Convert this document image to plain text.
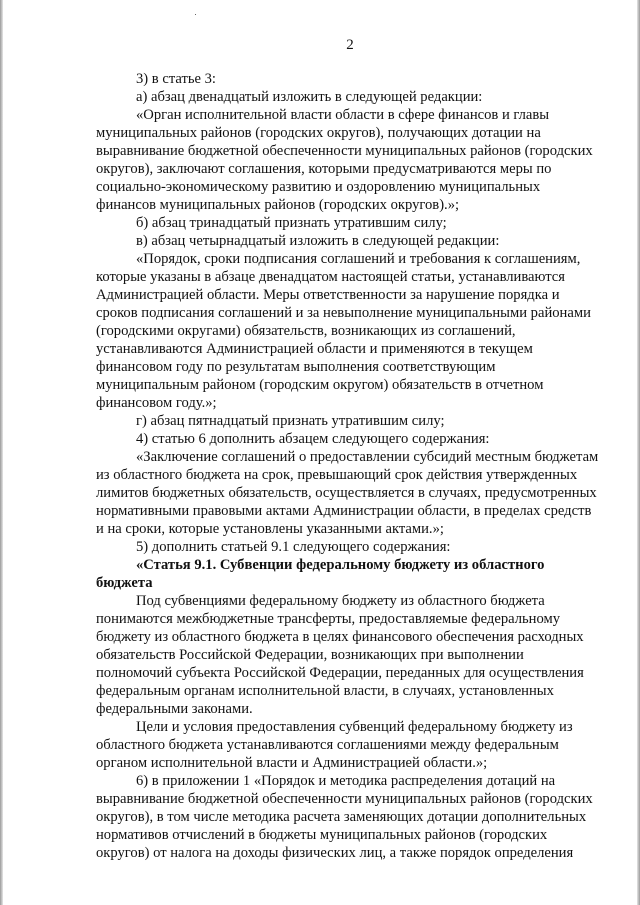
2

3) в статье 3:

а) абзац двенадцатый изложить в следующей редакции:

«Орган исполнительной власти области в сфере финансов и главы
муниципальных районов (городских округов), получающих дотации на
выравнивание бюджетной обеспеченности муниципальных районов (городских
округов), заключают соглашения, которыми предусматриваются меры по
социально-экономическому развитию и оздоровлению муниципальных
финансов муниципальных районов (городских округов).»;

б) абзац тринадцатый признать утратившим силу;

в) абзац четырнадцатый изложить в следующей редакции:

«Порядок, сроки подписания соглашений и требования к соглашениям,
которые указаны в абзаце двенадцатом настоящей статьи, устанавливаются
Администрацией области. Меры ответственности за нарушение порядка и
сроков подписания соглашений и за невыполнение муниципальными районами
(городскими округами) обязательств, возникающих из соглашений,
устанавливаются Администрацией области и применяются в текущем
финансовом году по результатам выполнения соответствующим
муниципальным районом (городским округом) обязательств в отчетном
финансовом году.»;

г) абзац пятнадцатый признать утратившим силу;

4) статью 6 дополнить абзацем следующего содержания:

«Заключение соглашений о предоставлении субсидий местным бюджетам
из областного бюджета на срок, превышающий срок действия утвержденных
лимитов бюджетных обязательств, осуществляется в случаях, предусмотренных
нормативными правовыми актами Администрации области, в пределах средств
и на сроки, которые установлены указанными актами.»;

5) дополнить статьей 9.1 следующего содержания:

«Статья 9.1. Субвенции федеральному бюджету из областного
бюджета

Под субвенциями федеральному бюджету из областного бюджета
понимаются межбюджетные трансферты, предоставляемые федеральному
бюджету из областного бюджета в целях финансового обеспечения расходных
обязательств Российской Федерации, возникающих при выполнении
полномочий субъекта Российской Федерации, переданных для осуществления
федеральным органам исполнительной власти, в случаях, установленных
федеральными законами.

Цели и условия предоставления субвенций федеральному бюджету из
областного бюджета устанавливаются соглашениями между федеральным
органом исполнительной власти и Администрацией области.»;

6) в приложении 1 «Порядок и методика распределения дотаций на
выравнивание бюджетной обеспеченности муниципальных районов (городских
округов), в том числе методика расчета заменяющих дотации дополнительных
нормативов отчислений в бюджеты муниципальных районов (городских
округов) от налога на доходы физических лиц, а также порядок определения
